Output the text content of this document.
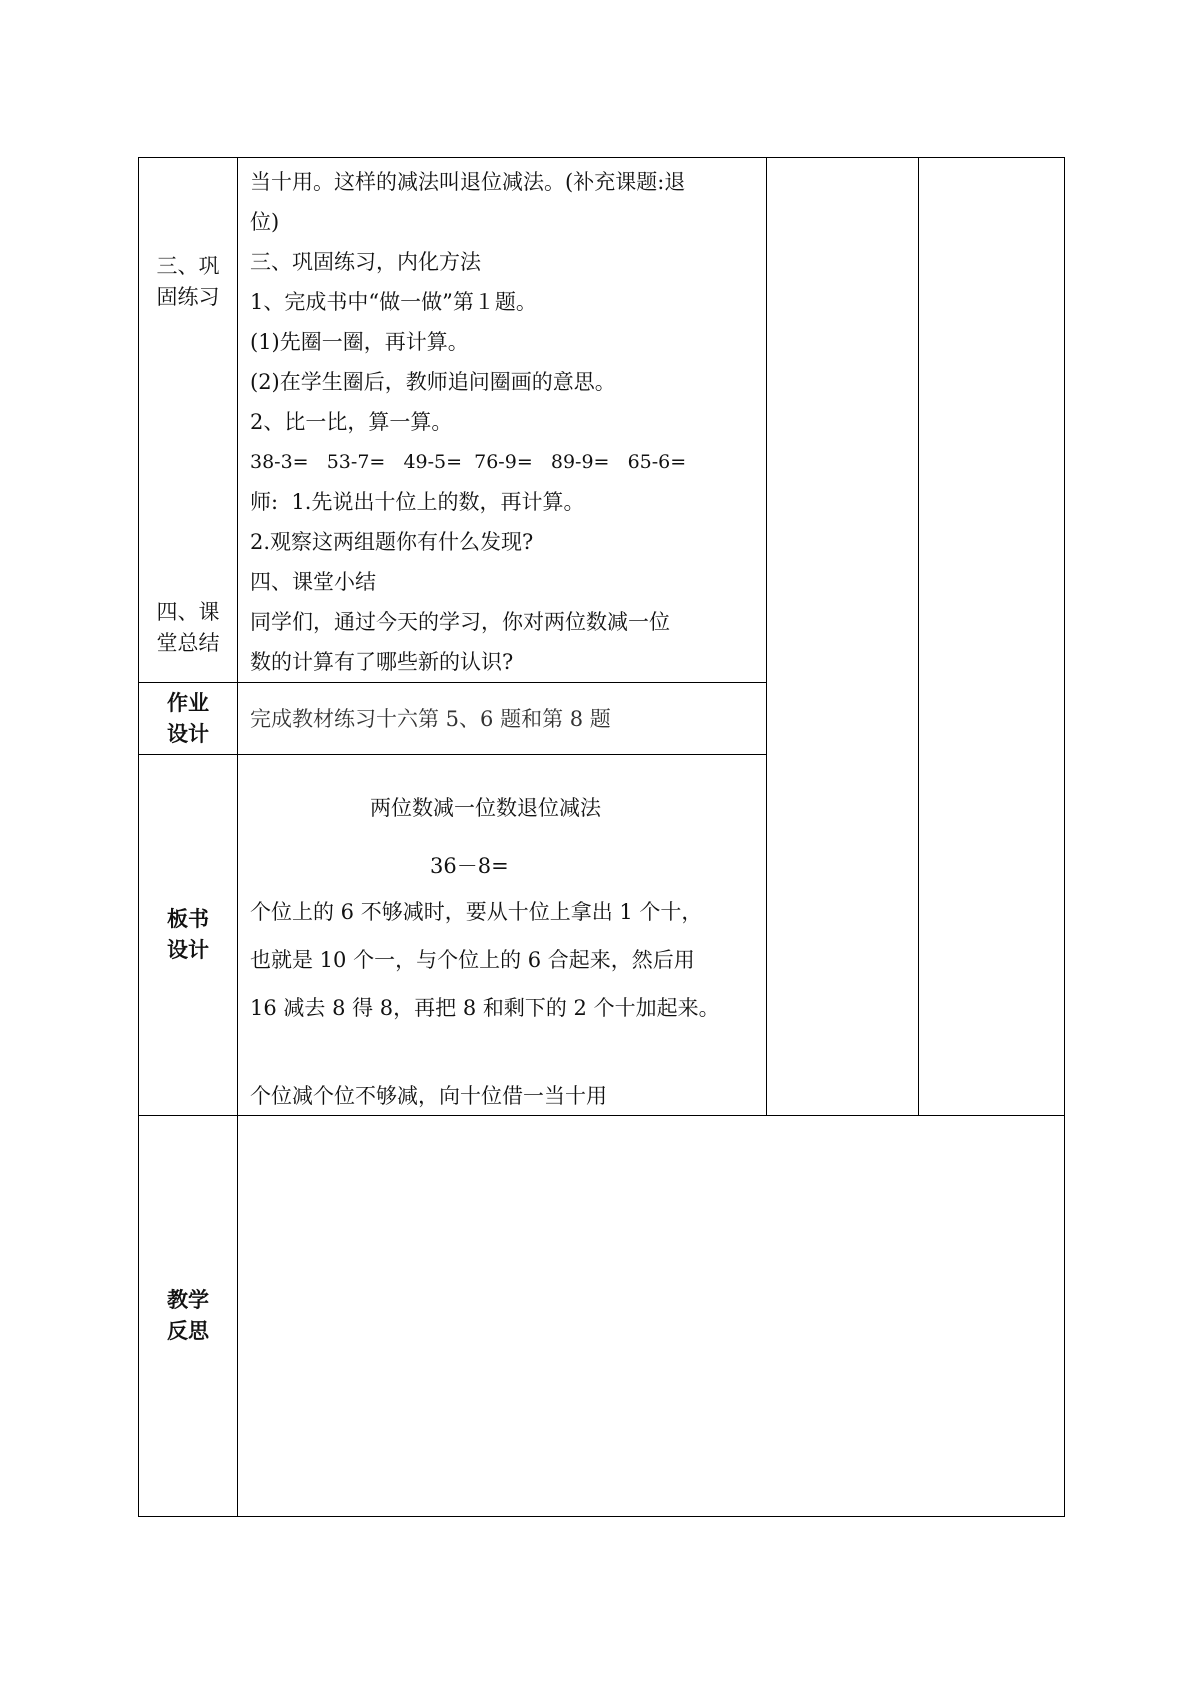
三、巩
固练习
四、课
堂总结
作业
设计
板书
设计
教学
反思
当十用。这样的减法叫退位减法。(补充课题:退
位)
三、巩固练习，内化方法
1、完成书中“做一做”第１题。
(1)先圈一圈，再计算。
(2)在学生圈后，教师追问圈画的意思。
2、比一比，算一算。
38-3=   53-7=   49-5=  76-9=   89-9=   65-6=
师:  1.先说出十位上的数，再计算。
2.观察这两组题你有什么发现?
四、课堂小结
同学们，通过今天的学习，你对两位数减一位
数的计算有了哪些新的认识?
完成教材练习十六第 5、6 题和第 8 题
两位数减一位数退位减法
36－8=
个位上的 6 不够减时，要从十位上拿出 1 个十，
也就是 10 个一，与个位上的 6 合起来，然后用
16 减去 8 得 8，再把 8 和剩下的 2 个十加起来。
个位减个位不够减，向十位借一当十用
